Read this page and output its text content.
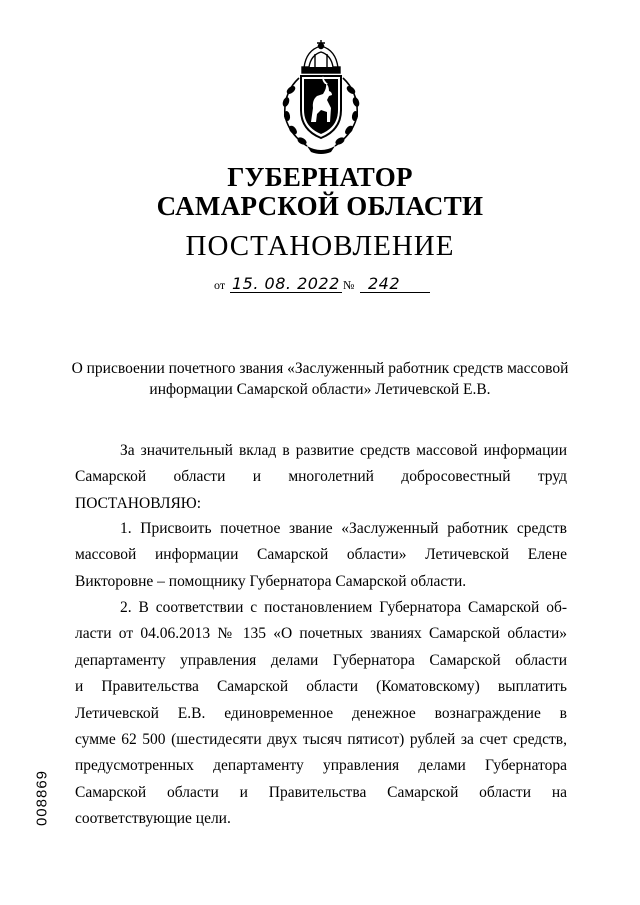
ГУБЕРНАТОР
САМАРСКОЙ ОБЛАСТИ
ПОСТАНОВЛЕНИЕ
от 15. 08. 2022 № 242
О присвоении почетного звания «Заслуженный работник средств массовой
информации Самарской области» Летичевской Е.В.
За значительный вклад в развитие средств массовой информации
Самарской области и многолетний добросовестный труд
ПОСТАНОВЛЯЮ:
1. Присвоить почетное звание «Заслуженный работник средств
массовой информации Самарской области» Летичевской Елене
Викторовне – помощнику Губернатора Самарской области.
2. В соответствии с постановлением Губернатора Самарской об-
ласти от 04.06.2013 № 135 «О почетных званиях Самарской области»
департаменту управления делами Губернатора Самарской области
и Правительства Самарской области (Коматовскому) выплатить
Летичевской Е.В. единовременное денежное вознаграждение в
сумме 62 500 (шестидесяти двух тысяч пятисот) рублей за счет средств,
предусмотренных департаменту управления делами Губернатора
Самарской области и Правительства Самарской области на
соответствующие цели.
008869
